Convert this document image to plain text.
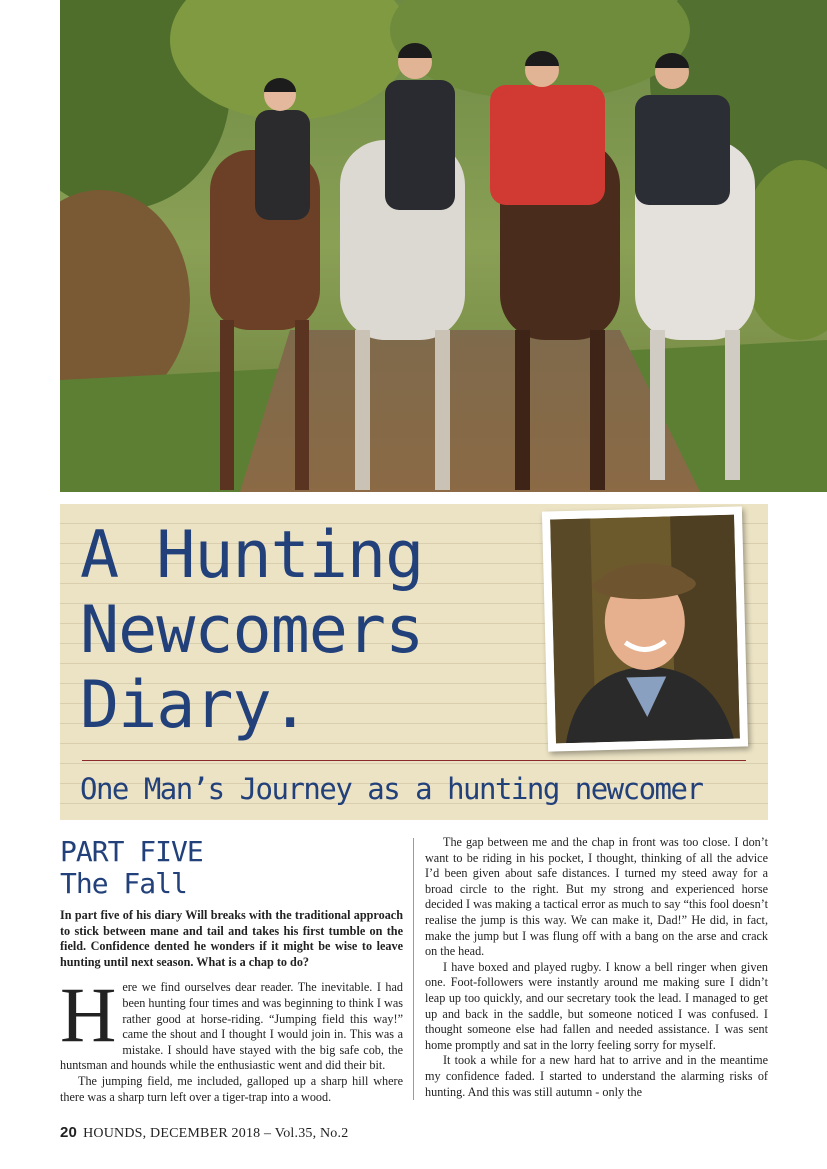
A Hunting Newcomers Diary.
One Man’s Journey as a hunting newcomer
PART FIVE
The Fall

In part five of his diary Will breaks with the traditional approach to stick between mane and tail and takes his first tumble on the field. Confidence dented he wonders if it might be wise to leave hunting until next season. What is a chap to do?

Here we find ourselves dear reader. The inevitable. I had been hunting four times and was beginning to think I was rather good at horse-riding. “Jumping field this way!” came the shout and I thought I would join in. This was a mistake. I should have stayed with the big safe cob, the huntsman and hounds while the enthusiastic went and did their bit.

The jumping field, me included, galloped up a sharp hill where there was a sharp turn left over a tiger-trap into a wood.

The gap between me and the chap in front was too close. I don’t want to be riding in his pocket, I thought, thinking of all the advice I’d been given about safe distances. I turned my steed away for a broad circle to the right. But my strong and experienced horse decided I was making a tactical error as much to say “this fool doesn’t realise the jump is this way. We can make it, Dad!” He did, in fact, make the jump but I was flung off with a bang on the arse and crack on the head.

I have boxed and played rugby. I know a bell ringer when given one. Foot-followers were instantly around me making sure I didn’t leap up too quickly, and our secretary took the lead. I managed to get up and back in the saddle, but someone noticed I was confused. I thought someone else had fallen and needed assistance. I was sent home promptly and sat in the lorry feeling sorry for myself.

It took a while for a new hard hat to arrive and in the meantime my confidence faded. I started to understand the alarming risks of hunting. And this was still autumn - only the

20 HOUNDS, DECEMBER 2018 – Vol.35, No.2
